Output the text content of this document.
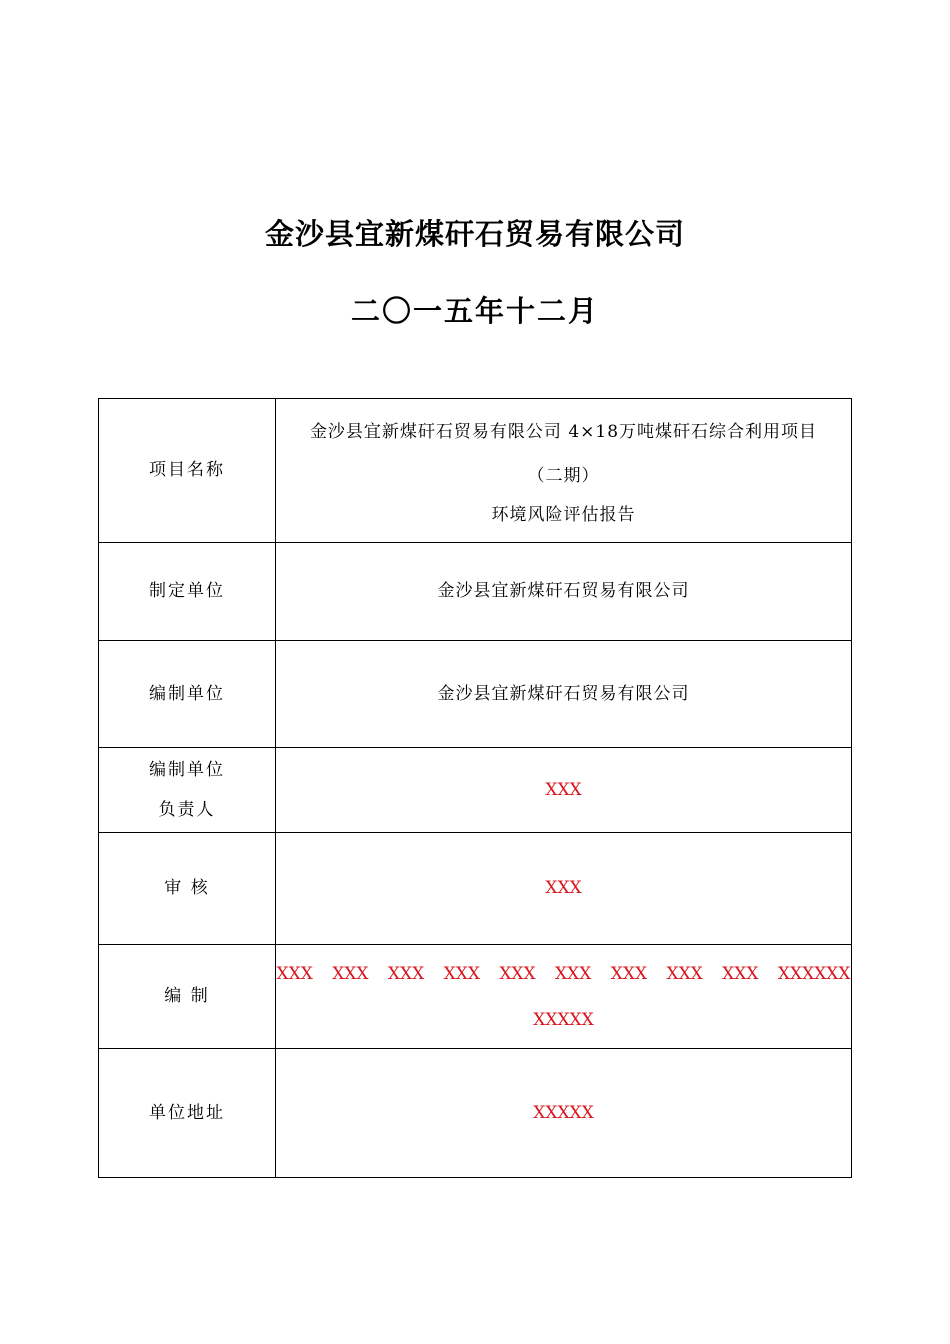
金沙县宜新煤矸石贸易有限公司
二〇一五年十二月
项目名称	金沙县宜新煤矸石贸易有限公司 4×18万吨煤矸石综合利用项目
（二期）
环境风险评估报告

制定单位	金沙县宜新煤矸石贸易有限公司
编制单位	金沙县宜新煤矸石贸易有限公司

编制单位
负责人	XXX
审 核	XXX
编 制	XXX XXX XXX XXX XXX XXX XXX XXX XXX XXXXXX
XXXXX

单位地址	XXXXX
